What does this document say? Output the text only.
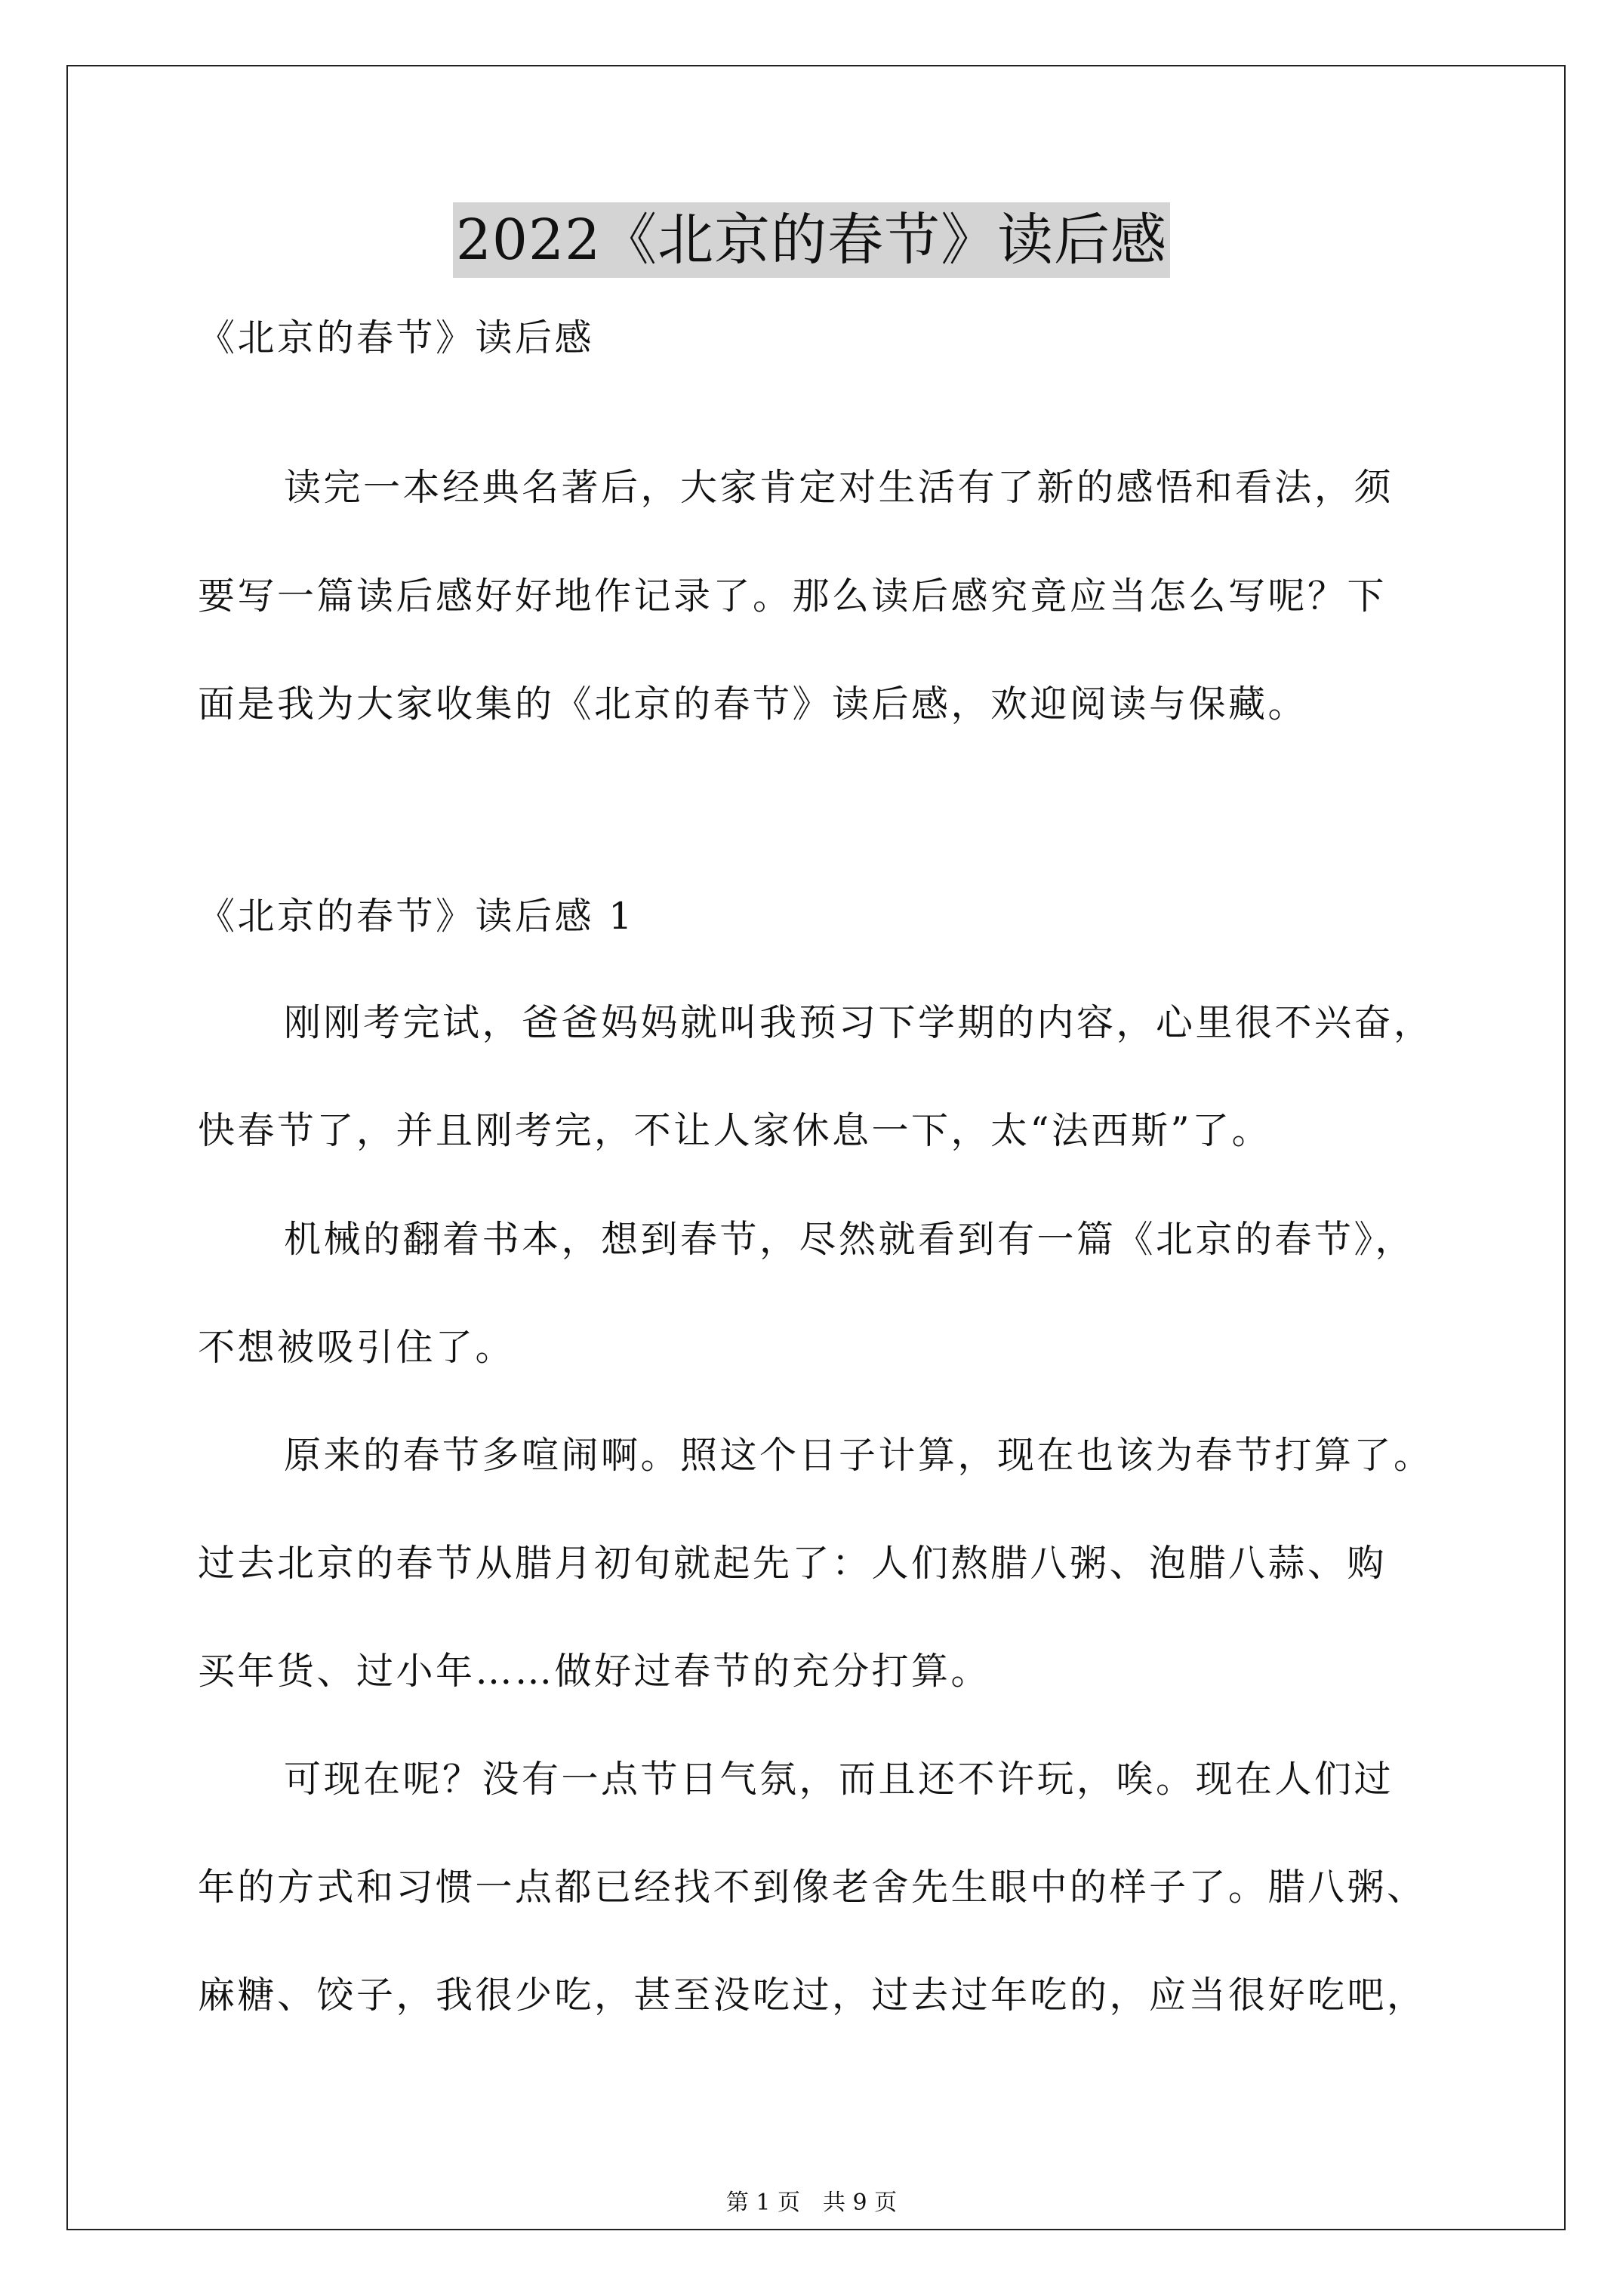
2022《北京的春节》读后感
《北京的春节》读后感
读完一本经典名著后，大家肯定对生活有了新的感悟和看法，须
要写一篇读后感好好地作记录了。那么读后感究竟应当怎么写呢？下
面是我为大家收集的《北京的春节》读后感，欢迎阅读与保藏。
《北京的春节》读后感 1
刚刚考完试，爸爸妈妈就叫我预习下学期的内容，心里很不兴奋，
快春节了，并且刚考完，不让人家休息一下，太“法西斯”了。
机械的翻着书本，想到春节，尽然就看到有一篇《北京的春节》，
不想被吸引住了。
原来的春节多喧闹啊。照这个日子计算，现在也该为春节打算了。
过去北京的春节从腊月初旬就起先了：人们熬腊八粥、泡腊八蒜、购
买年货、过小年……做好过春节的充分打算。
可现在呢？没有一点节日气氛，而且还不许玩，唉。现在人们过
年的方式和习惯一点都已经找不到像老舍先生眼中的样子了。腊八粥、
麻糖、饺子，我很少吃，甚至没吃过，过去过年吃的，应当很好吃吧，
第 1 页　共 9 页
